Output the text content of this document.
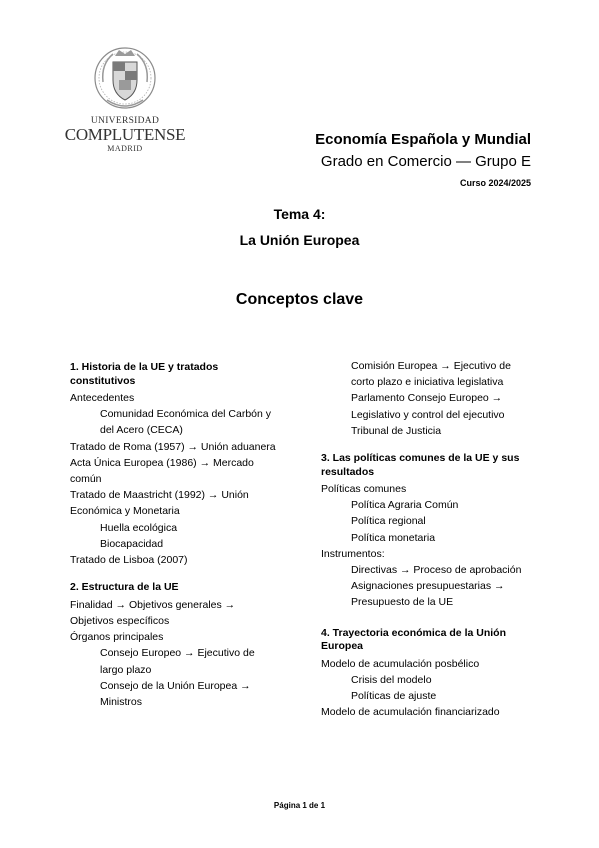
UNIVERSIDAD
COMPLUTENSE
MADRID
Economía Española y Mundial
Grado en Comercio — Grupo E
Curso 2024/2025
Tema 4:
La Unión Europea
Conceptos clave
1. Historia de la UE y tratados constitutivos
Antecedentes
Comunidad Económica del Carbón y del Acero (CECA)
Tratado de Roma (1957) → Unión aduanera
Acta Única Europea (1986) → Mercado común
Tratado de Maastricht (1992) → Unión Económica y Monetaria
Huella ecológica
Biocapacidad
Tratado de Lisboa (2007)
2. Estructura de la UE
Finalidad → Objetivos generales → Objetivos específicos
Órganos principales
Consejo Europeo → Ejecutivo de largo plazo
Consejo de la Unión Europea → Ministros
Comisión Europea → Ejecutivo de corto plazo e iniciativa legislativa
Parlamento Consejo Europeo → Legislativo y control del ejecutivo
Tribunal de Justicia
3. Las políticas comunes de la UE y sus resultados
Políticas comunes
Política Agraria Común
Política regional
Política monetaria
Instrumentos:
Directivas → Proceso de aprobación
Asignaciones presupuestarias →
Presupuesto de la UE
4. Trayectoria económica de la Unión Europea
Modelo de acumulación posbélico
Crisis del modelo
Políticas de ajuste
Modelo de acumulación financiarizado
Página 1 de 1
